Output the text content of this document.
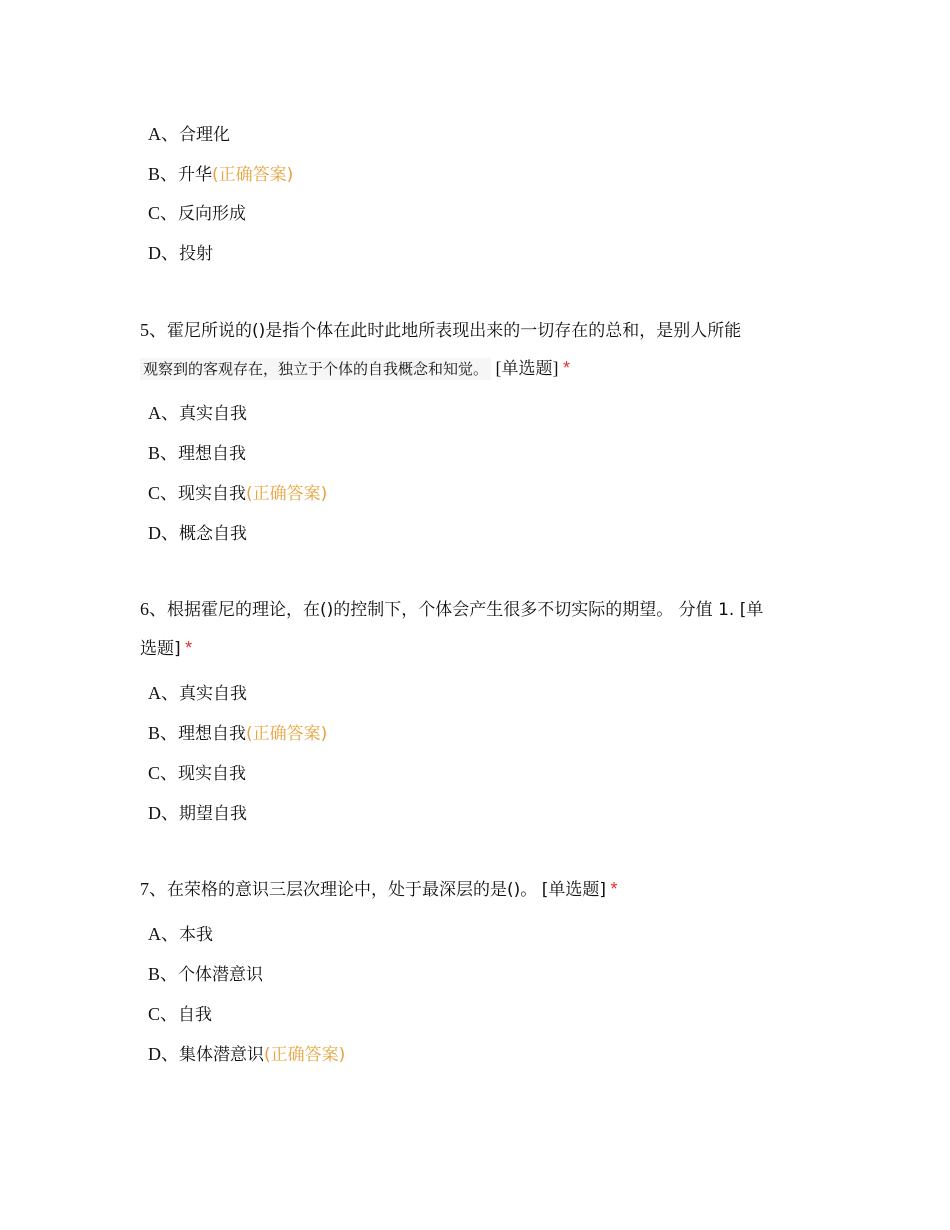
A、合理化
B、升华(正确答案)
C、反向形成
D、投射
5、霍尼所说的()是指个体在此时此地所表现出来的一切存在的总和，是别人所能
观察到的客观存在，独立于个体的自我概念和知觉。 [单选题] *
A、真实自我
B、理想自我
C、现实自我(正确答案)
D、概念自我
6、根据霍尼的理论，在()的控制下，个体会产生很多不切实际的期望。 分值 1. [单
选题] *
A、真实自我
B、理想自我(正确答案)
C、现实自我
D、期望自我
7、在荣格的意识三层次理论中，处于最深层的是()。 [单选题] *
A、本我
B、个体潜意识
C、自我
D、集体潜意识(正确答案)
